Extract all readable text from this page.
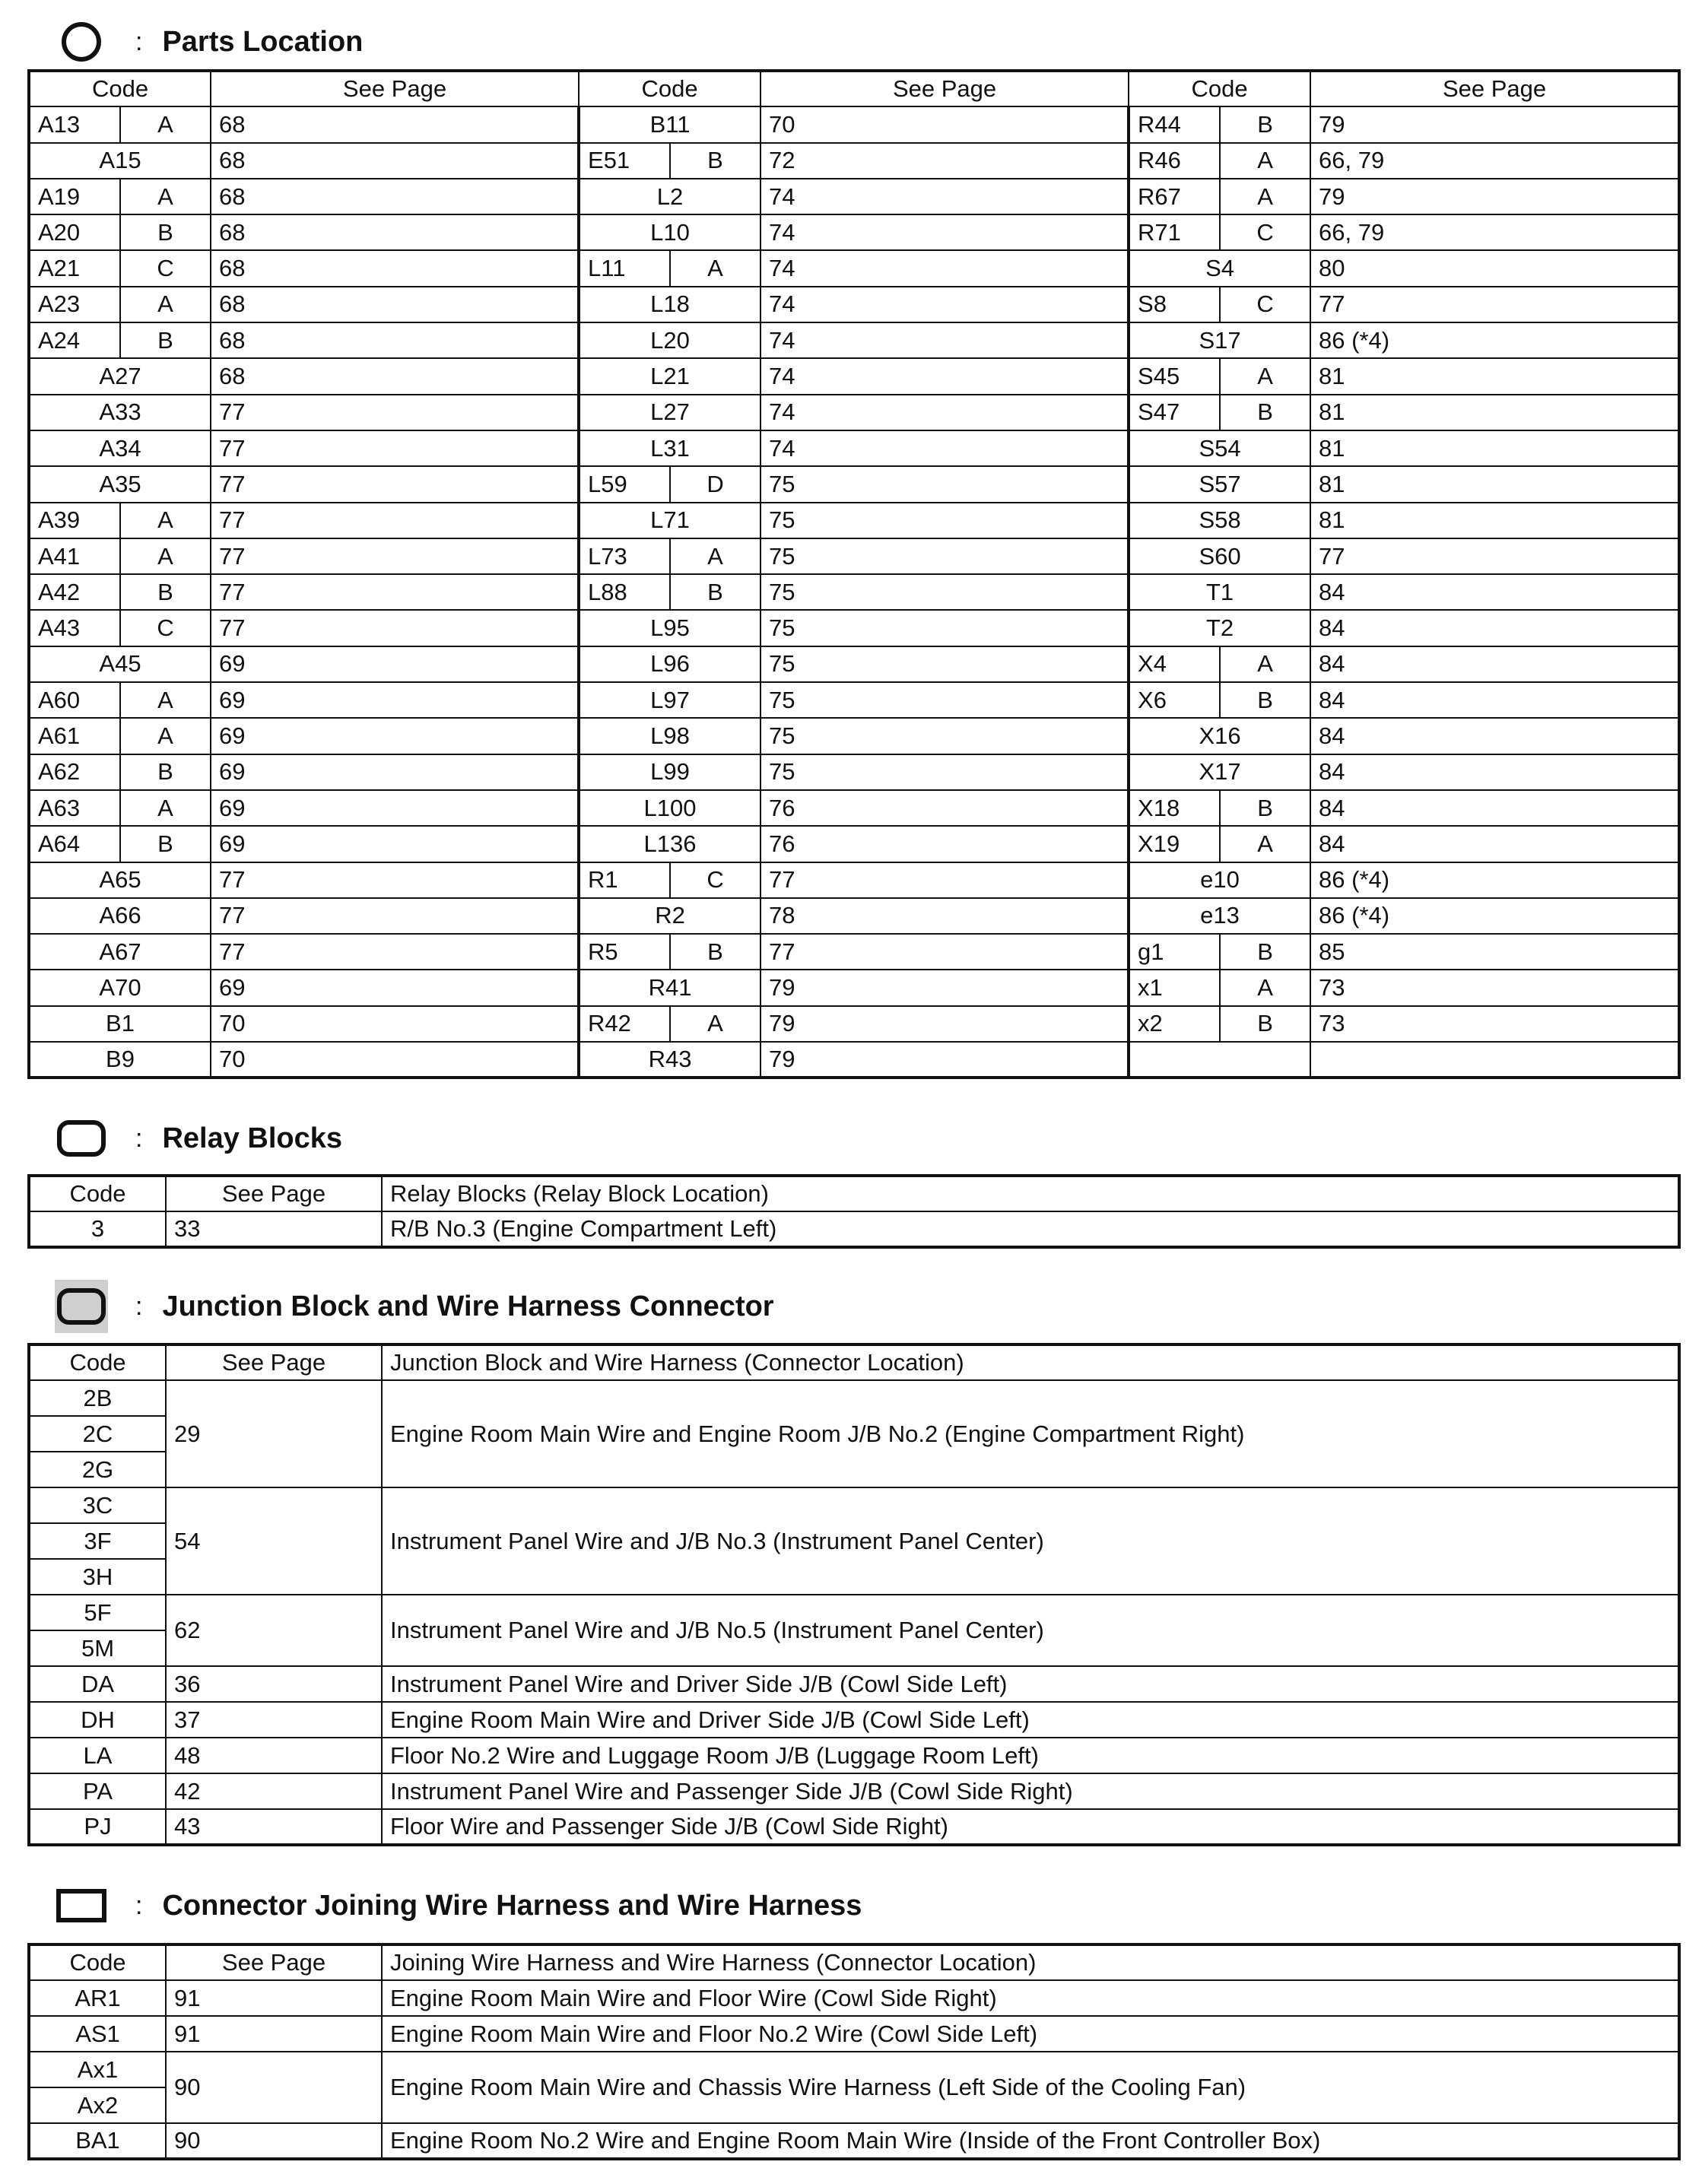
: Parts Location
Code		See Page	Code		See Page	Code		See Page
A13	A	68	B11		70	R44	B	79
A15		68	E51	B	72	R46	A	66, 79
A19	A	68	L2		74	R67	A	79
A20	B	68	L10		74	R71	C	66, 79
A21	C	68	L11	A	74	S4		80
A23	A	68	L18		74	S8	C	77
A24	B	68	L20		74	S17		86 (*4)
A27		68	L21		74	S45	A	81
A33		77	L27		74	S47	B	81
A34		77	L31		74	S54		81
A35		77	L59	D	75	S57		81
A39	A	77	L71		75	S58		81
A41	A	77	L73	A	75	S60		77
A42	B	77	L88	B	75	T1		84
A43	C	77	L95		75	T2		84
A45		69	L96		75	X4	A	84
A60	A	69	L97		75	X6	B	84
A61	A	69	L98		75	X16		84
A62	B	69	L99		75	X17		84
A63	A	69	L100		76	X18	B	84
A64	B	69	L136		76	X19	A	84
A65		77	R1	C	77	e10		86 (*4)
A66		77	R2		78	e13		86 (*4)
A67		77	R5	B	77	g1	B	85
A70		69	R41		79	x1	A	73
B1		70	R42	A	79	x2	B	73
B9		70	R43		79			
: Relay Blocks
Code	See Page	Relay Blocks (Relay Block Location)
3	33	R/B No.3 (Engine Compartment Left)
: Junction Block and Wire Harness Connector
Code	See Page	Junction Block and Wire Harness (Connector Location)
2B	29	Engine Room Main Wire and Engine Room J/B No.2 (Engine Compartment Right)
2C		
2G		
3C	54	Instrument Panel Wire and J/B No.3 (Instrument Panel Center)
3F		
3H		
5F	62	Instrument Panel Wire and J/B No.5 (Instrument Panel Center)
5M		
DA	36	Instrument Panel Wire and Driver Side J/B (Cowl Side Left)
DH	37	Engine Room Main Wire and Driver Side J/B (Cowl Side Left)
LA	48	Floor No.2 Wire and Luggage Room J/B (Luggage Room Left)
PA	42	Instrument Panel Wire and Passenger Side J/B (Cowl Side Right)
PJ	43	Floor Wire and Passenger Side J/B (Cowl Side Right)
: Connector Joining Wire Harness and Wire Harness
Code	See Page	Joining Wire Harness and Wire Harness (Connector Location)
AR1	91	Engine Room Main Wire and Floor Wire (Cowl Side Right)
AS1	91	Engine Room Main Wire and Floor No.2 Wire (Cowl Side Left)
Ax1	90	Engine Room Main Wire and Chassis Wire Harness (Left Side of the Cooling Fan)
Ax2		
BA1	90	Engine Room No.2 Wire and Engine Room Main Wire (Inside of the Front Controller Box)
